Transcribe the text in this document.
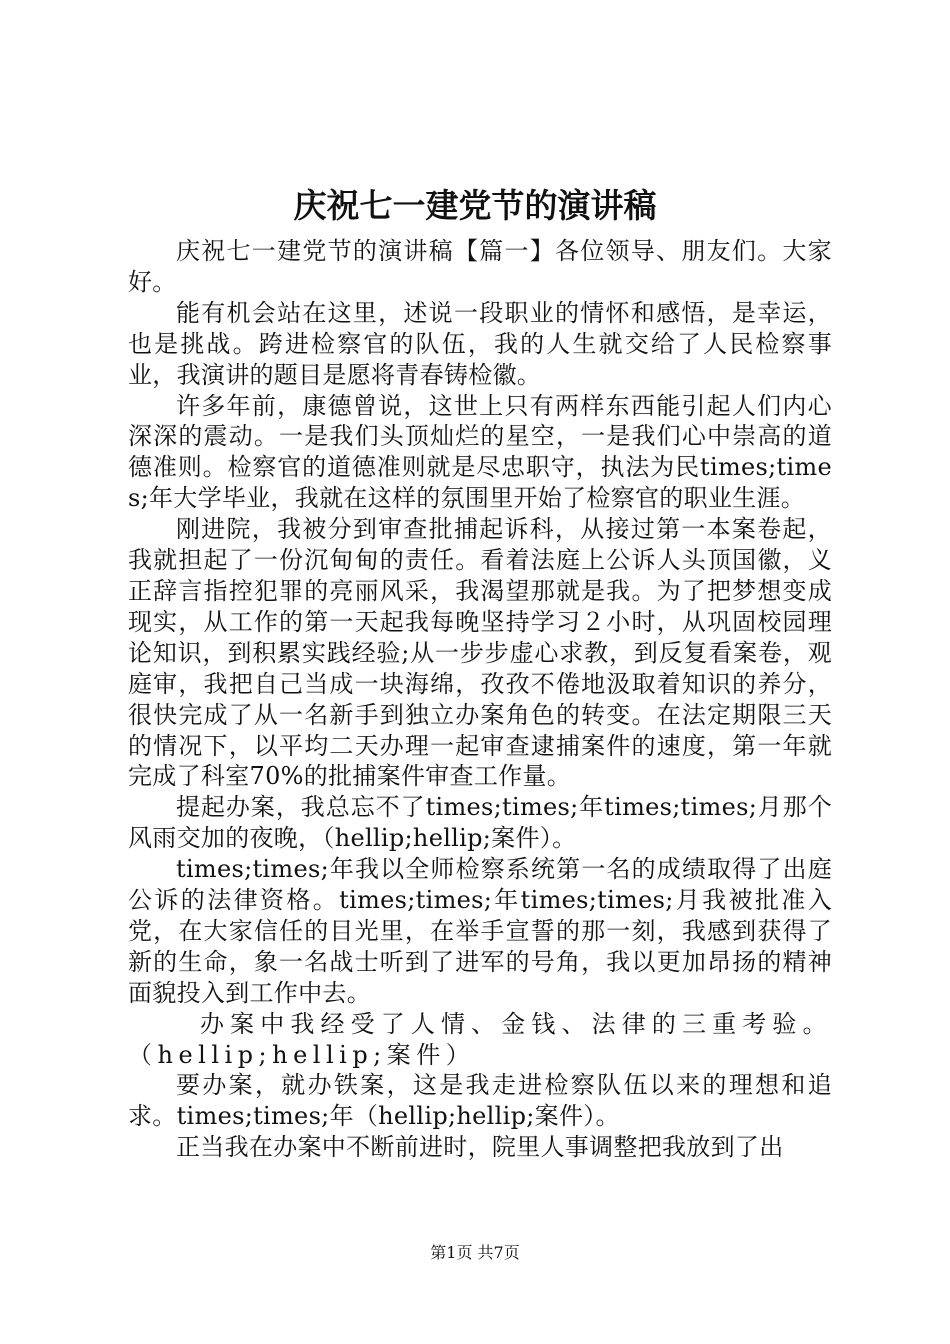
庆祝七一建党节的演讲稿

庆祝七一建党节的演讲稿【篇一】各位领导、朋友们。大家好。

能有机会站在这里，述说一段职业的情怀和感悟，是幸运，也是挑战。跨进检察官的队伍，我的人生就交给了人民检察事业，我演讲的题目是愿将青春铸检徽。

许多年前，康德曾说，这世上只有两样东西能引起人们内心深深的震动。一是我们头顶灿烂的星空，一是我们心中崇高的道德准则。检察官的道德准则就是尽忠职守，执法为民times;times;年大学毕业，我就在这样的氛围里开始了检察官的职业生涯。

刚进院，我被分到审查批捕起诉科，从接过第一本案卷起，我就担起了一份沉甸甸的责任。看着法庭上公诉人头顶国徽，义正辞言指控犯罪的亮丽风采，我渴望那就是我。为了把梦想变成现实，从工作的第一天起我每晚坚持学习２小时，从巩固校园理论知识，到积累实践经验;从一步步虚心求教，到反复看案卷，观庭审，我把自己当成一块海绵，孜孜不倦地汲取着知识的养分，很快完成了从一名新手到独立办案角色的转变。在法定期限三天的情况下，以平均二天办理一起审查逮捕案件的速度，第一年就完成了科室70%的批捕案件审查工作量。

提起办案，我总忘不了times;times;年times;times;月那个风雨交加的夜晚，（hellip;hellip;案件）。

times;times;年我以全师检察系统第一名的成绩取得了出庭公诉的法律资格。times;times;年times;times;月我被批准入党，在大家信任的目光里，在举手宣誓的那一刻，我感到获得了新的生命，象一名战士听到了进军的号角，我以更加昂扬的精神面貌投入到工作中去。

办案中我经受了人情、金钱、法律的三重考验。（hellip;hellip;案件）

要办案，就办铁案，这是我走进检察队伍以来的理想和追求。times;times;年（hellip;hellip;案件）。

正当我在办案中不断前进时，院里人事调整把我放到了出

第1页 共7页
